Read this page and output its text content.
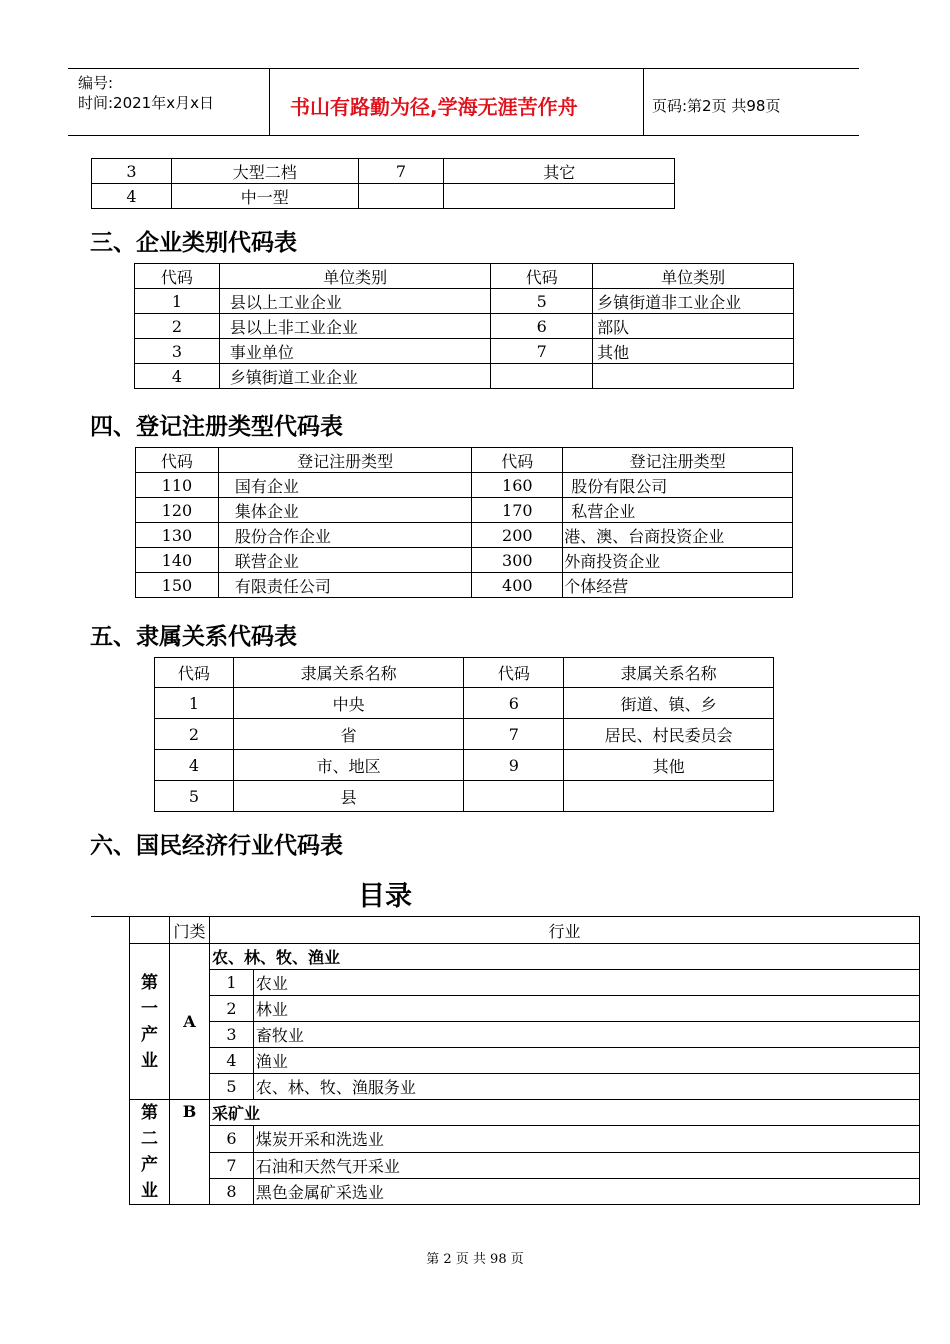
编号:
时间:2021年x月x日	书山有路勤为径,学海无涯苦作舟	页码:第2页 共98页
3	大型二档	7	其它
4	中一型		
三、企业类别代码表
代码	单位类别	代码	单位类别
1	县以上工业企业	5	乡镇街道非工业企业
2	县以上非工业企业	6	部队
3	事业单位	7	其他
4	乡镇街道工业企业		
四、登记注册类型代码表
代码	登记注册类型	代码	登记注册类型
110	国有企业	160	股份有限公司
120	集体企业	170	私营企业
130	股份合作企业	200	港、澳、台商投资企业
140	联营企业	300	外商投资企业
150	有限责任公司	400	个体经营
五、隶属关系代码表
代码	隶属关系名称	代码	隶属关系名称
1	中央	6	街道、镇、乡
2	省	7	居民、村民委员会
4	市、地区	9	其他
5	县		
六、国民经济行业代码表
目录
	门类	行业	
第一产业	A	农、林、牧、渔业	
		1	农业
		2	林业
		3	畜牧业
		4	渔业
		5	农、林、牧、渔服务业
第二产业	B	采矿业	
		6	煤炭开采和洗选业
		7	石油和天然气开采业
		8	黑色金属矿采选业
第 2 页 共 98 页
